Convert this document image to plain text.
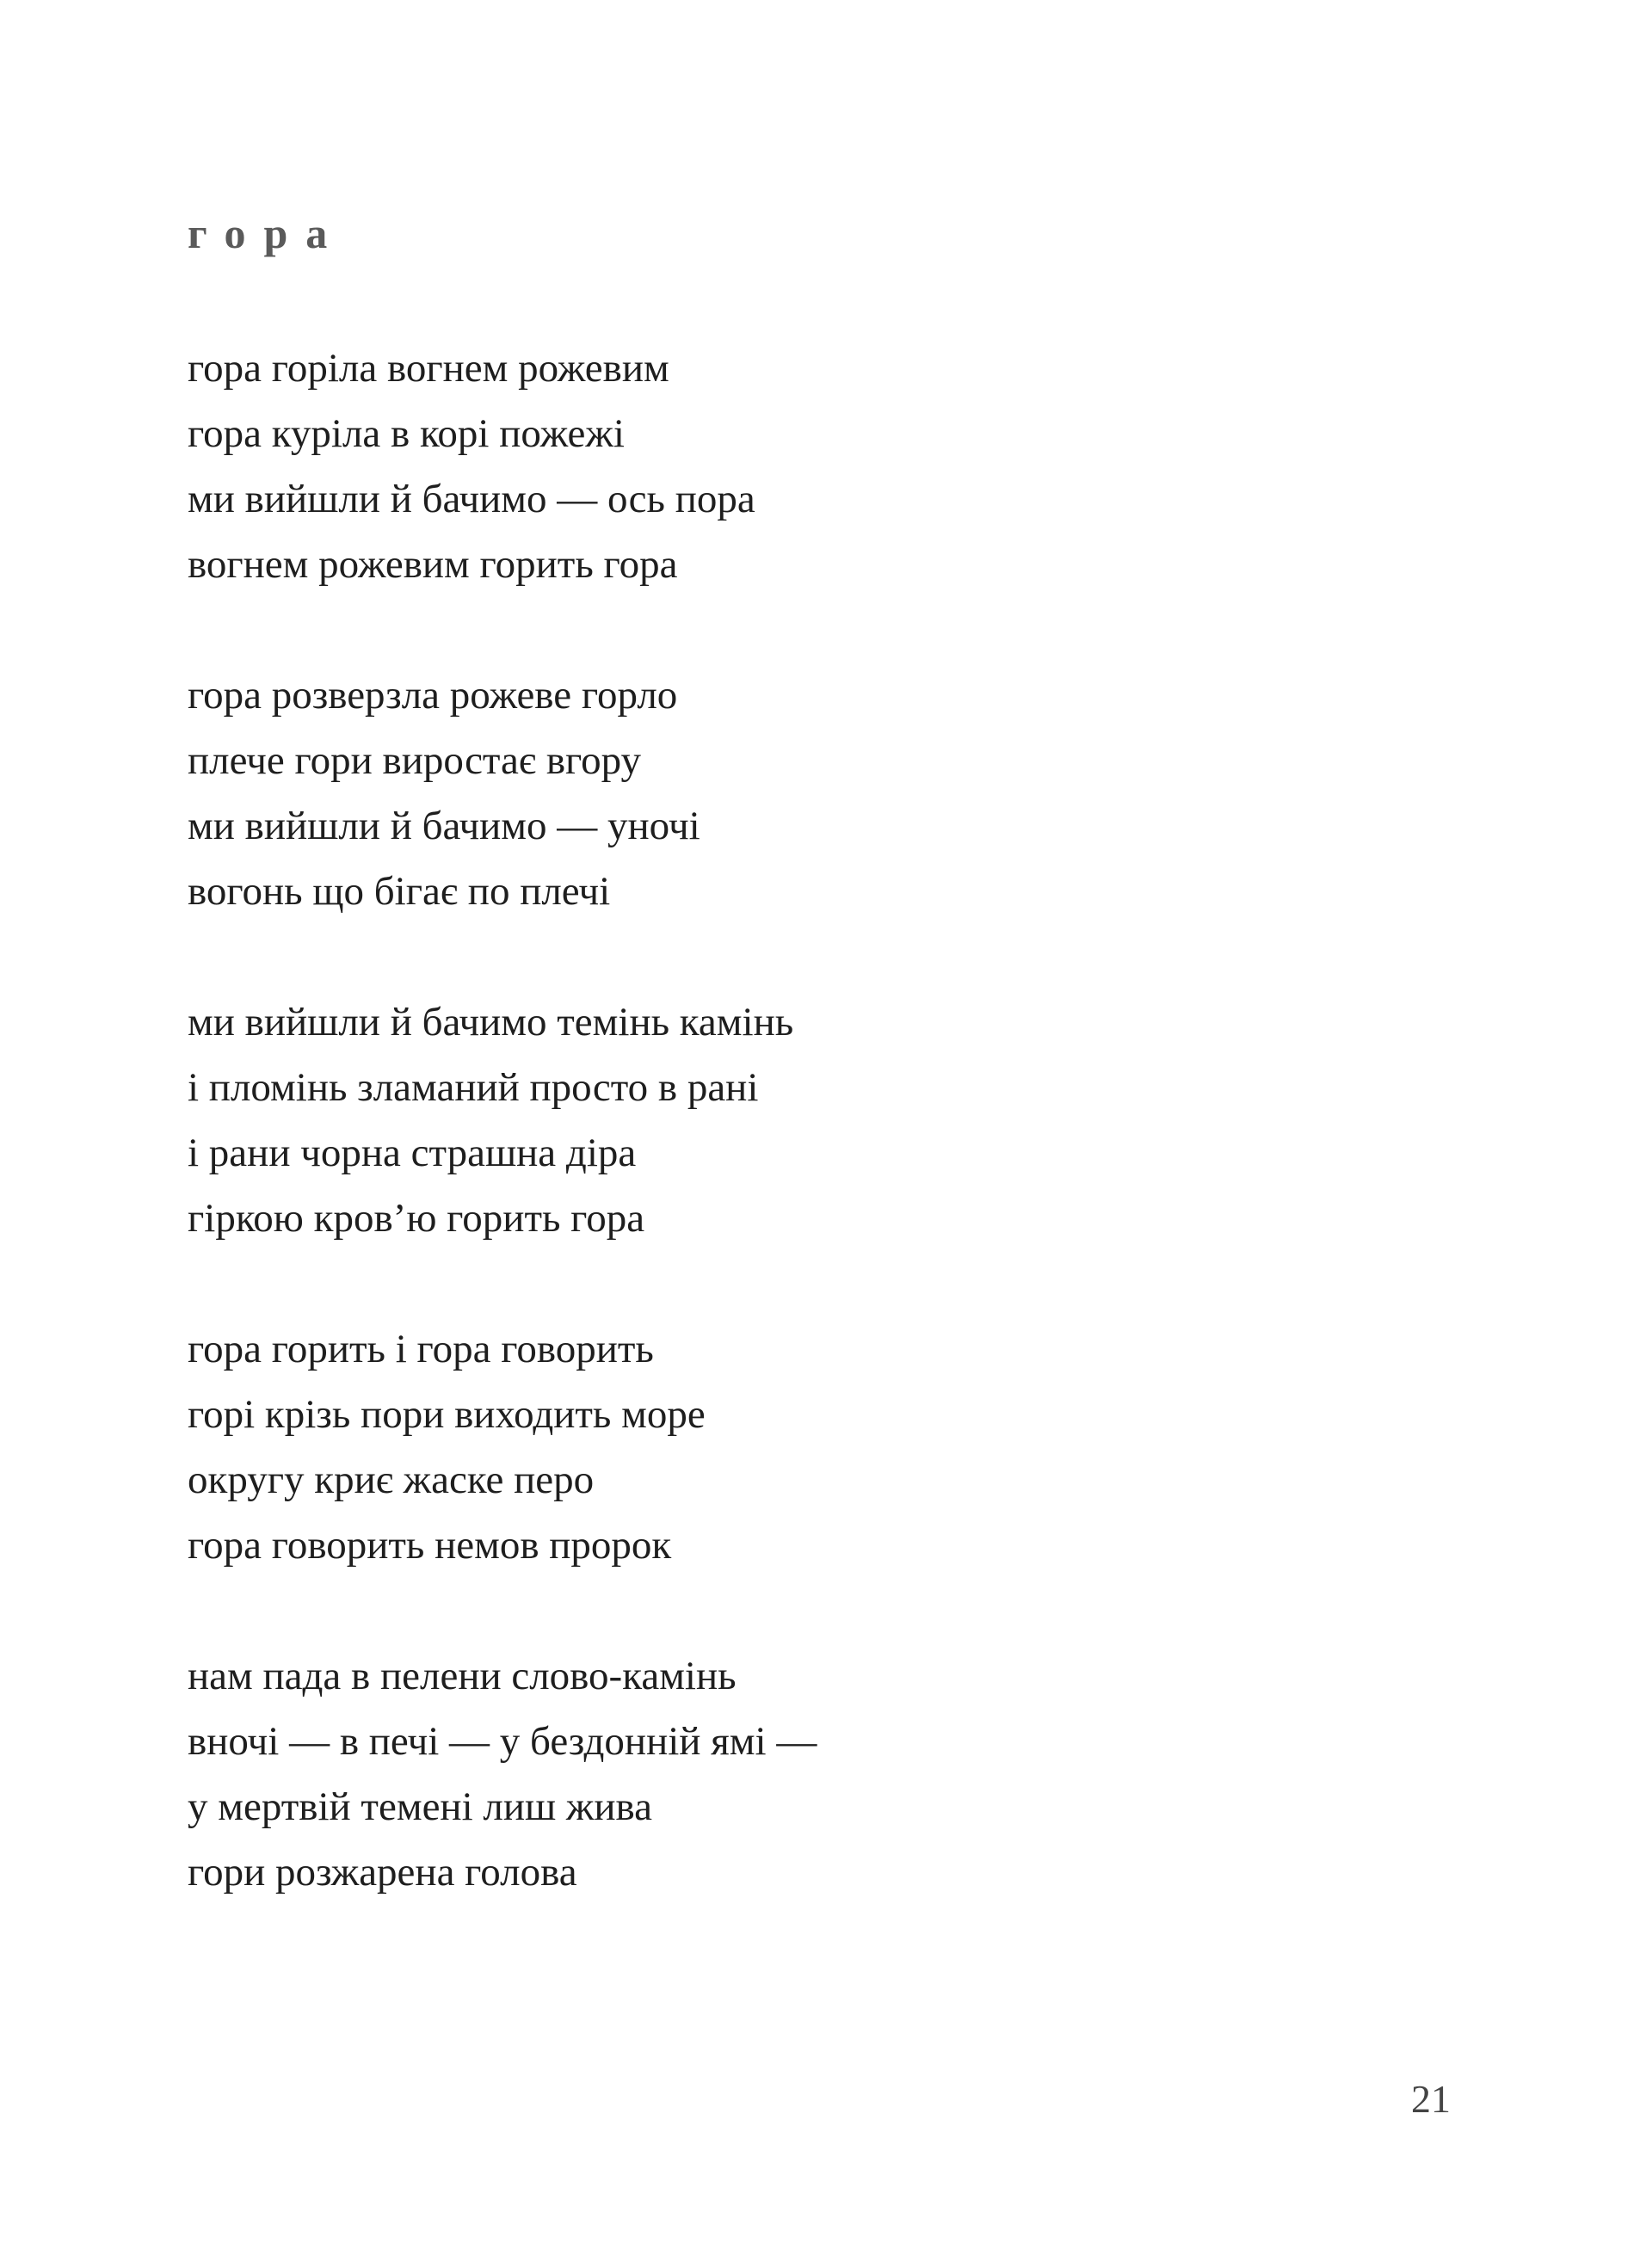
гора
гора горіла вогнем рожевим
гора куріла в корі пожежі
ми вийшли й бачимо — ось пора
вогнем рожевим горить гора
гора розверзла рожеве горло
плече гори виростає вгору
ми вийшли й бачимо — уночі
вогонь що бігає по плечі
ми вийшли й бачимо темінь камінь
і пломінь зламаний просто в рані
і рани чорна страшна діра
гіркою кровʼю горить гора
гора горить і гора говорить
горі крізь пори виходить море
округу криє жаске перо
гора говорить немов пророк
нам пада в пелени слово-камінь
вночі — в печі — у бездонній ямі —
у мертвій темені лиш жива
гори розжарена голова
21
